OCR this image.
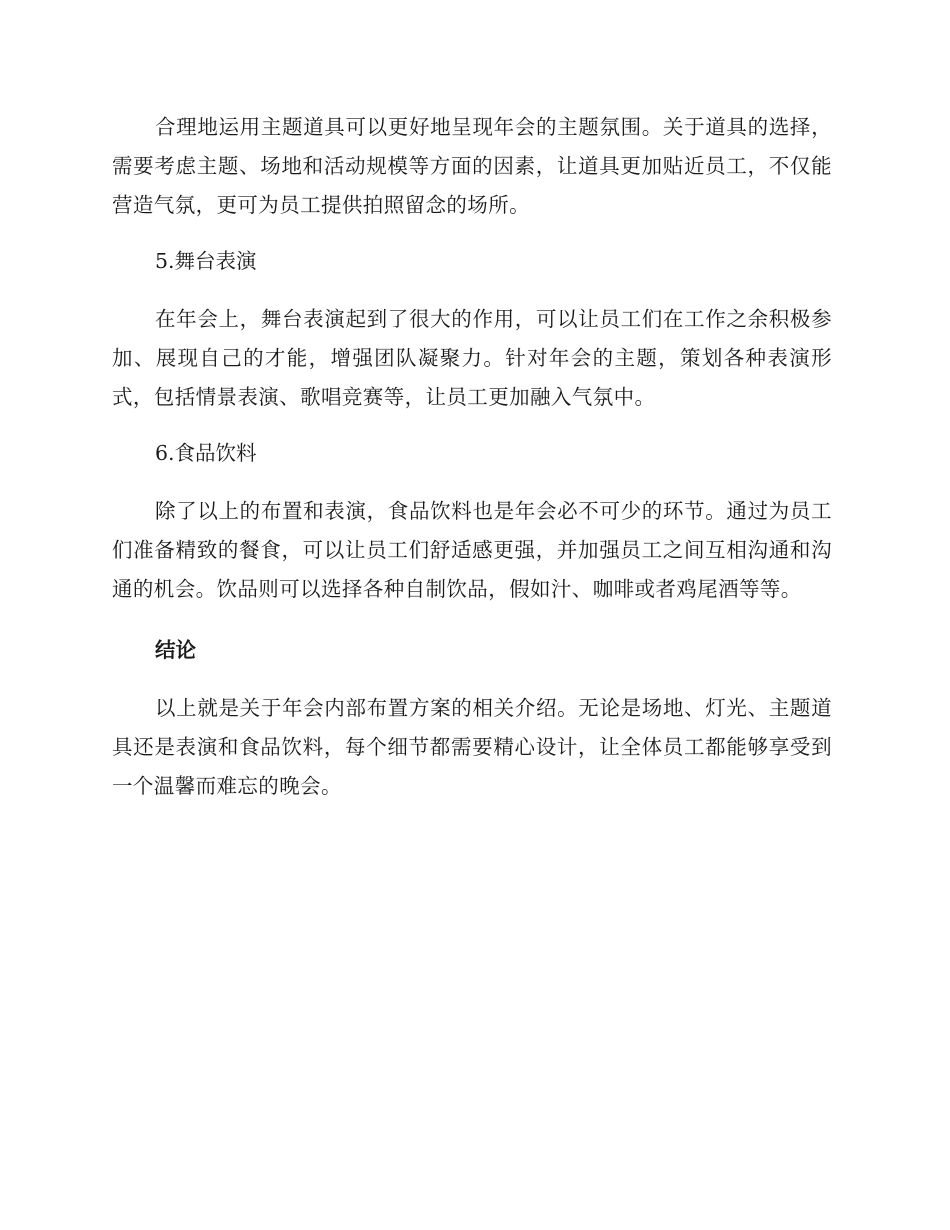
合理地运用主题道具可以更好地呈现年会的主题氛围。关于道具的选择，需要考虑主题、场地和活动规模等方面的因素，让道具更加贴近员工，不仅能营造气氛，更可为员工提供拍照留念的场所。

5.舞台表演

在年会上，舞台表演起到了很大的作用，可以让员工们在工作之余积极参加、展现自己的才能，增强团队凝聚力。针对年会的主题，策划各种表演形式，包括情景表演、歌唱竞赛等，让员工更加融入气氛中。

6.食品饮料

除了以上的布置和表演，食品饮料也是年会必不可少的环节。通过为员工们准备精致的餐食，可以让员工们舒适感更强，并加强员工之间互相沟通和沟通的机会。饮品则可以选择各种自制饮品，假如汁、咖啡或者鸡尾酒等等。

结论

以上就是关于年会内部布置方案的相关介绍。无论是场地、灯光、主题道具还是表演和食品饮料，每个细节都需要精心设计，让全体员工都能够享受到一个温馨而难忘的晚会。
